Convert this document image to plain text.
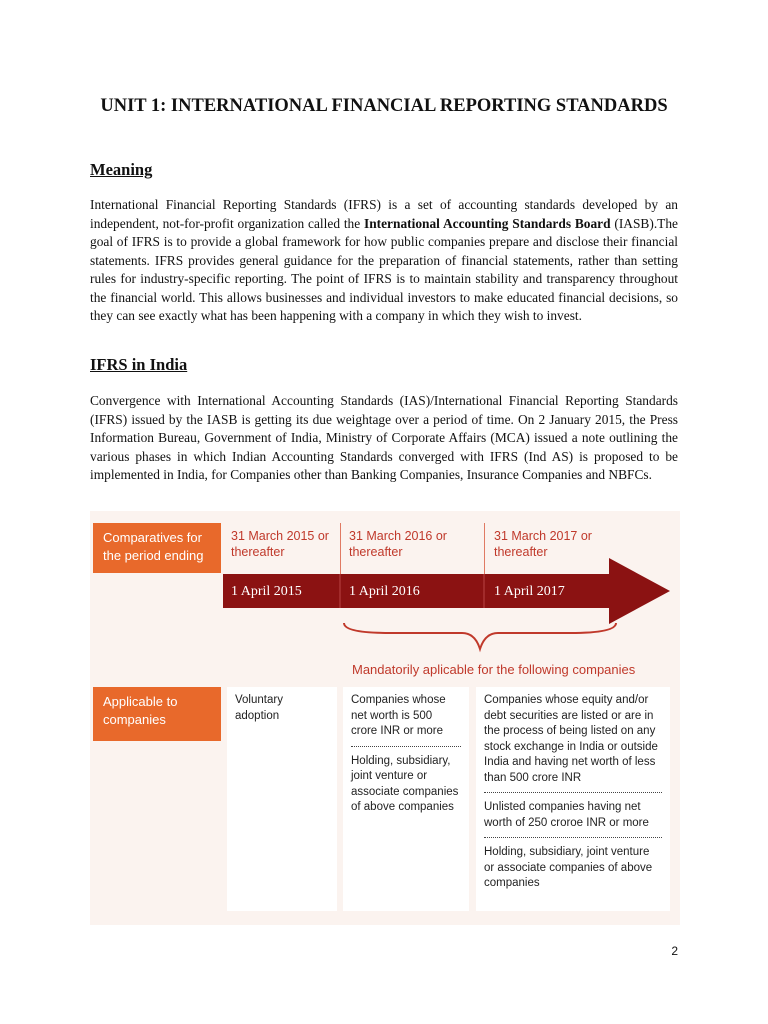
UNIT 1: INTERNATIONAL FINANCIAL REPORTING STANDARDS
Meaning

International Financial Reporting Standards (IFRS) is a set of accounting standards developed by an independent, not-for-profit organization called the International Accounting Standards Board (IASB).The goal of IFRS is to provide a global framework for how public companies prepare and disclose their financial statements. IFRS provides general guidance for the preparation of financial statements, rather than setting rules for industry-specific reporting. The point of IFRS is to maintain stability and transparency throughout the financial world. This allows businesses and individual investors to make educated financial decisions, so they can see exactly what has been happening with a company in which they wish to invest.

IFRS in India

Convergence with International Accounting Standards (IAS)/International Financial Reporting Standards (IFRS) issued by the IASB is getting its due weightage over a period of time. On 2 January 2015, the Press Information Bureau, Government of India, Ministry of Corporate Affairs (MCA) issued a note outlining the various phases in which Indian Accounting Standards converged with IFRS (Ind AS) is proposed to be implemented in India, for Companies other than Banking Companies, Insurance Companies and NBFCs.

Comparatives for the period ending
31 March 2015 or thereafter
31 March 2016 or thereafter
31 March 2017 or thereafter
1 April 2015	1 April 2016	1 April 2017
Mandatorily aplicable for the following companies
Applicable to companies

Voluntary adoption

Companies whose net worth is 500 crore INR or more

Holding, subsidiary, joint venture or associate companies of above companies

Companies whose equity and/or debt securities are listed or are in the process of being listed on any stock exchange in India or outside India and having net worth of less than 500 crore INR

Unlisted companies having net worth of 250 croroe INR or more

Holding, subsidiary, joint venture or associate companies of above companies

2
